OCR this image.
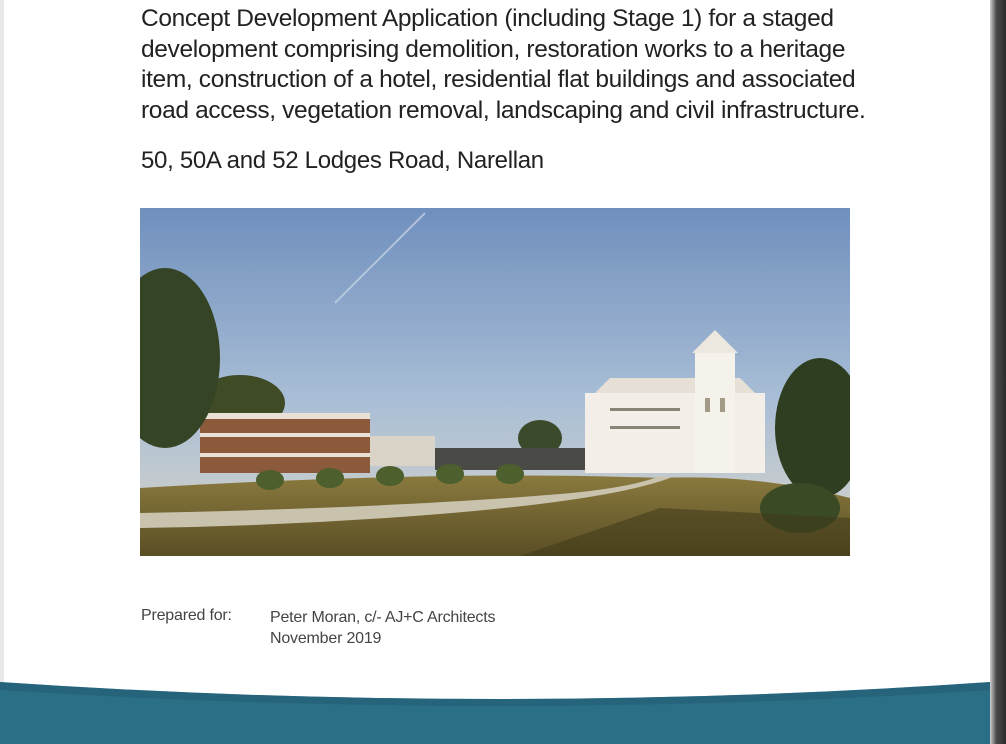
Concept Development Application (including Stage 1) for a staged development comprising demolition, restoration works to a heritage item, construction of a hotel, residential flat buildings and associated road access, vegetation removal, landscaping and civil infrastructure.

50, 50A and 52 Lodges Road, Narellan

Prepared for: Peter Moran, c/- AJ+C Architects
November 2019
